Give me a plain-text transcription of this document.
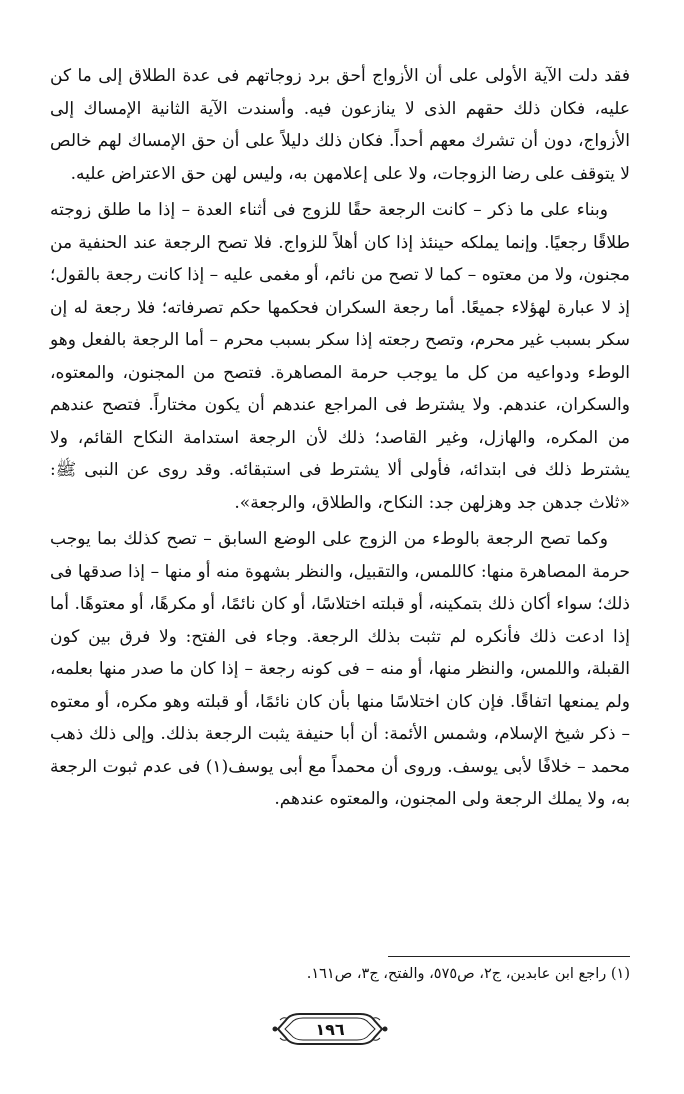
فقد دلت الآية الأولى على أن الأزواج أحق برد زوجاتهم فى عدة الطلاق إلى ما كن عليه، فكان ذلك حقهم الذى لا ينازعون فيه. وأسندت الآية الثانية الإمساك إلى الأزواج، دون أن تشرك معهم أحداً. فكان ذلك دليلاً على أن حق الإمساك لهم خالص لا يتوقف على رضا الزوجات، ولا على إعلامهن به، وليس لهن حق الاعتراض عليه.

وبناء على ما ذكر – كانت الرجعة حقًا للزوج فى أثناء العدة – إذا ما طلق زوجته طلاقًا رجعيًا. وإنما يملكه حينئذ إذا كان أهلاً للزواج. فلا تصح الرجعة عند الحنفية من مجنون، ولا من معتوه – كما لا تصح من نائم، أو مغمى عليه – إذا كانت رجعة بالقول؛ إذ لا عبارة لهؤلاء جميعًا. أما رجعة السكران فحكمها حكم تصرفاته؛ فلا رجعة له إن سكر بسبب غير محرم، وتصح رجعته إذا سكر بسبب محرم – أما الرجعة بالفعل وهو الوطء ودواعيه من كل ما يوجب حرمة المصاهرة. فتصح من المجنون، والمعتوه، والسكران، عندهم. ولا يشترط فى المراجع عندهم أن يكون مختاراً. فتصح عندهم من المكره، والهازل، وغير القاصد؛ ذلك لأن الرجعة استدامة النكاح القائم، ولا يشترط ذلك فى ابتدائه، فأولى ألا يشترط فى استبقائه. وقد روى عن النبى ﷺ: «ثلاث جدهن جد وهزلهن جد: النكاح، والطلاق، والرجعة».

وكما تصح الرجعة بالوطء من الزوج على الوضع السابق – تصح كذلك بما يوجب حرمة المصاهرة منها: كاللمس، والتقبيل، والنظر بشهوة منه أو منها – إذا صدقها فى ذلك؛ سواء أكان ذلك بتمكينه، أو قبلته اختلاسًا، أو كان نائمًا، أو مكرهًا، أو معتوهًا. أما إذا ادعت ذلك فأنكره لم تثبت بذلك الرجعة. وجاء فى الفتح: ولا فرق بين كون القبلة، واللمس، والنظر منها، أو منه – فى كونه رجعة – إذا كان ما صدر منها بعلمه، ولم يمنعها اتفاقًا. فإن كان اختلاسًا منها بأن كان نائمًا، أو قبلته وهو مكره، أو معتوه – ذكر شيخ الإسلام، وشمس الأئمة: أن أبا حنيفة يثبت الرجعة بذلك. وإلى ذلك ذهب محمد – خلافًا لأبى يوسف. وروى أن محمداً مع أبى يوسف(١) فى عدم ثبوت الرجعة به، ولا يملك الرجعة ولى المجنون، والمعتوه عندهم.

(١) راجع ابن عابدين، ج٢، ص٥٧٥، والفتح، ج٣، ص١٦١.
١٩٦
